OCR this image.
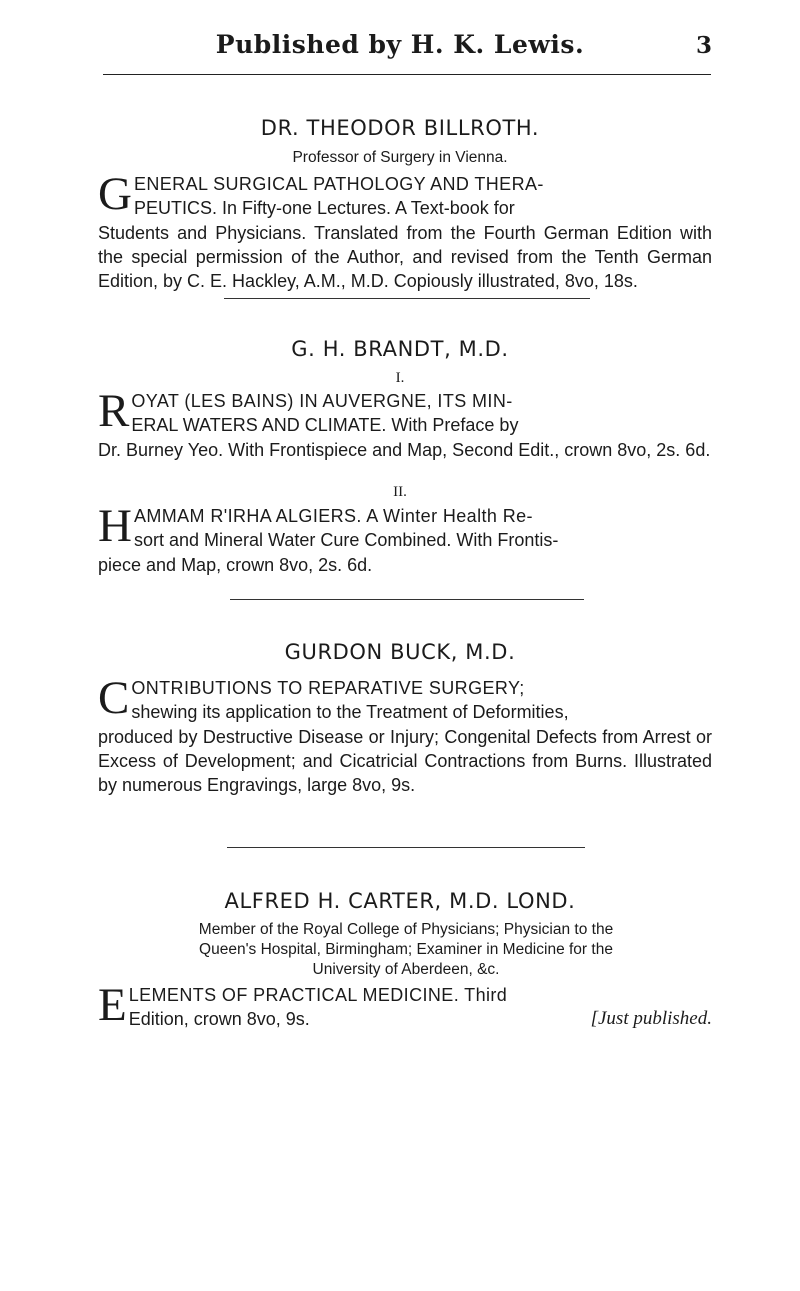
Published by H. K. Lewis.	3
DR. THEODOR BILLROTH.
Professor of Surgery in Vienna.
G ENERAL SURGICAL PATHOLOGY AND THERA-
PEUTICS. In Fifty-one Lectures. A Text-book for
Students and Physicians. Translated from the Fourth German Edition with the special permission of the Author, and revised from the Tenth German Edition, by C. E. Hackley, A.M., M.D. Copiously illustrated, 8vo, 18s.
G. H. BRANDT, M.D.
I.
R OYAT (LES BAINS) IN AUVERGNE, ITS MIN-
ERAL WATERS AND CLIMATE. With Preface by
Dr. Burney Yeo. With Frontispiece and Map, Second Edit., crown 8vo, 2s. 6d.
II.
H AMMAM R'IRHA ALGIERS. A Winter Health Re-
sort and Mineral Water Cure Combined. With Frontis-
piece and Map, crown 8vo, 2s. 6d.
GURDON BUCK, M.D.
C ONTRIBUTIONS TO REPARATIVE SURGERY;
shewing its application to the Treatment of Deformities,
produced by Destructive Disease or Injury; Congenital Defects from Arrest or Excess of Development; and Cicatricial Contractions from Burns. Illustrated by numerous Engravings, large 8vo, 9s.
ALFRED H. CARTER, M.D. LOND.
Member of the Royal College of Physicians; Physician to the Queen's Hospital, Birmingham; Examiner in Medicine for the University of Aberdeen, &c.
E LEMENTS OF PRACTICAL MEDICINE. Third
Edition, crown 8vo, 9s.	[Just published.
